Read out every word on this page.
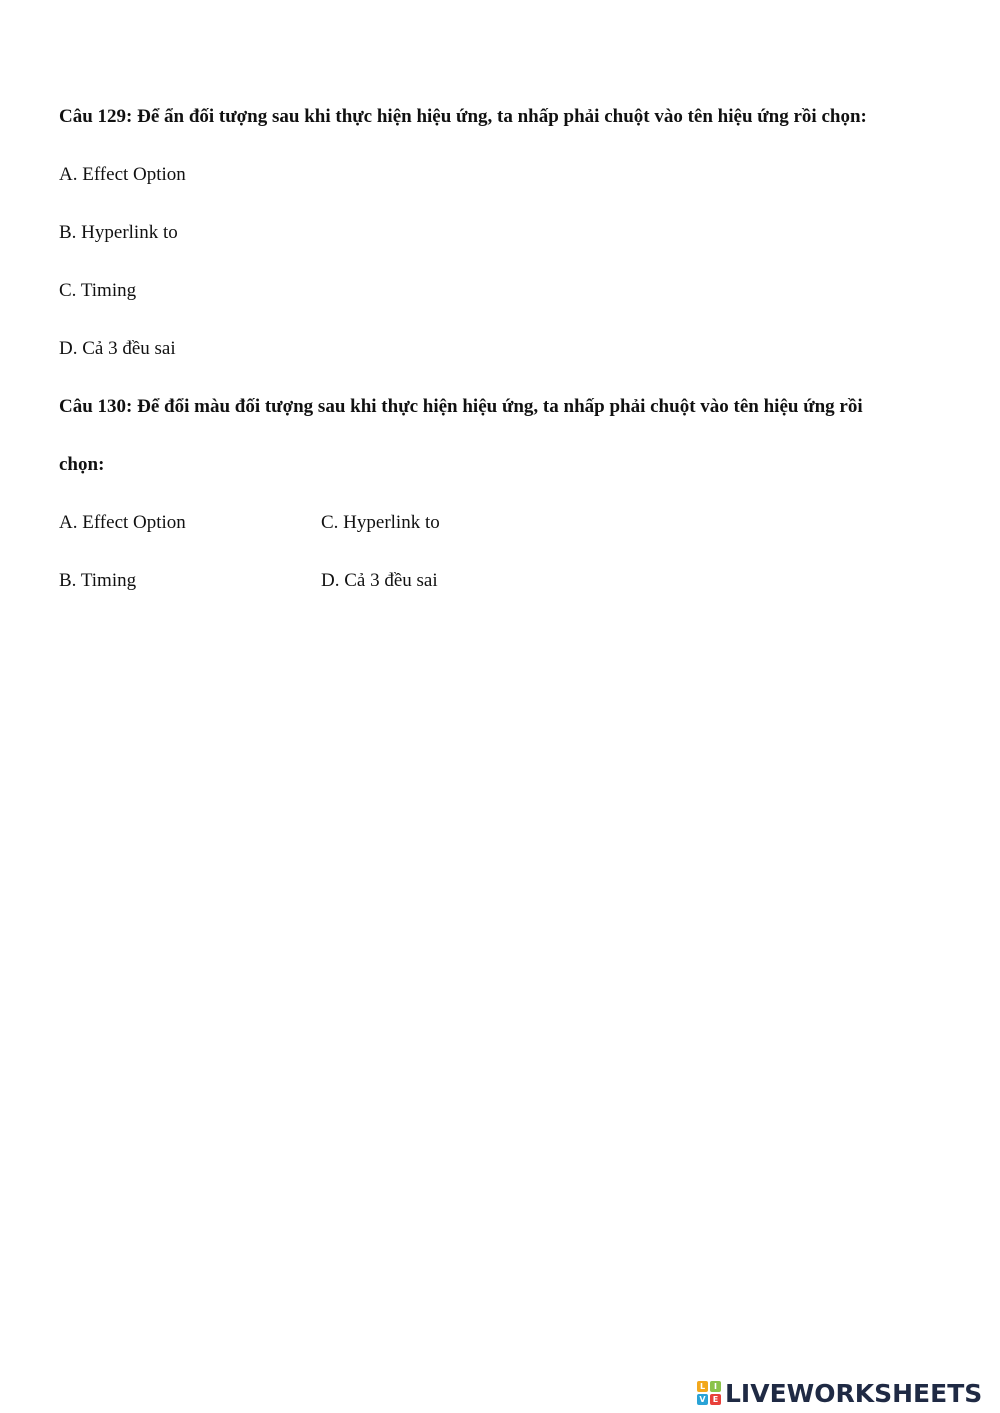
Câu 129: Để ẩn đối tượng sau khi thực hiện hiệu ứng, ta nhấp phải chuột vào tên hiệu ứng rồi chọn:
A. Effect Option
B. Hyperlink to
C. Timing
D. Cả 3 đều sai
Câu 130: Để đổi màu đối tượng sau khi thực hiện hiệu ứng, ta nhấp phải chuột vào tên hiệu ứng rồi
chọn:
A. Effect Option	C. Hyperlink to
B. Timing	D. Cả 3 đều sai
L	I
V E LIVEWORKSHEETS
